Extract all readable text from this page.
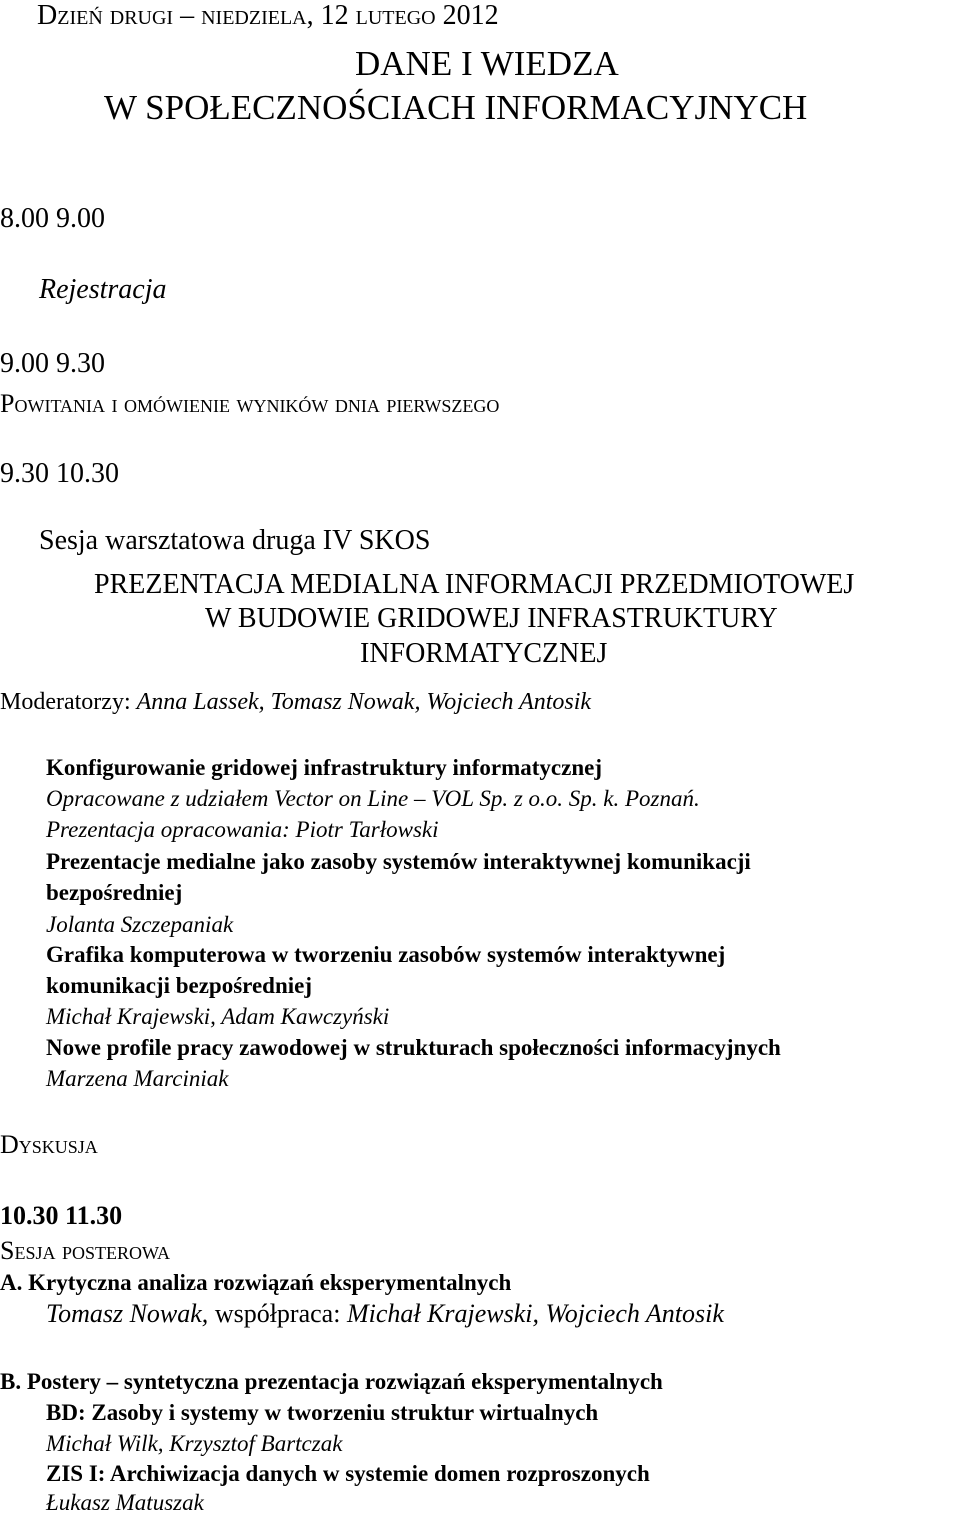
Dzień drugi – niedziela, 12 lutego 2012
DANE I WIEDZA
W SPOŁECZNOŚCIACH INFORMACYJNYCH
8.00 9.00
Rejestracja
9.00 9.30
Powitania i omówienie wyników dnia pierwszego
9.30 10.30
Sesja warsztatowa druga IV SKOS
PREZENTACJA MEDIALNA INFORMACJI PRZEDMIOTOWEJ
W BUDOWIE GRIDOWEJ INFRASTRUKTURY
INFORMATYCZNEJ
Moderatorzy: Anna Lassek, Tomasz Nowak, Wojciech Antosik
Konfigurowanie gridowej infrastruktury informatycznej
Opracowane z udziałem Vector on Line – VOL Sp. z o.o. Sp. k. Poznań.
Prezentacja opracowania: Piotr Tarłowski
Prezentacje medialne jako zasoby systemów interaktywnej komunikacji
bezpośredniej
Jolanta Szczepaniak
Grafika komputerowa w tworzeniu zasobów systemów interaktywnej
komunikacji bezpośredniej
Michał Krajewski, Adam Kawczyński
Nowe profile pracy zawodowej w strukturach społeczności informacyjnych
Marzena Marciniak
Dyskusja
10.30 11.30
Sesja posterowa
A. Krytyczna analiza rozwiązań eksperymentalnych
Tomasz Nowak, współpraca: Michał Krajewski, Wojciech Antosik
B. Postery – syntetyczna prezentacja rozwiązań eksperymentalnych
BD: Zasoby i systemy w tworzeniu struktur wirtualnych
Michał Wilk, Krzysztof Bartczak
ZIS I: Archiwizacja danych w systemie domen rozproszonych
Łukasz Matuszak
